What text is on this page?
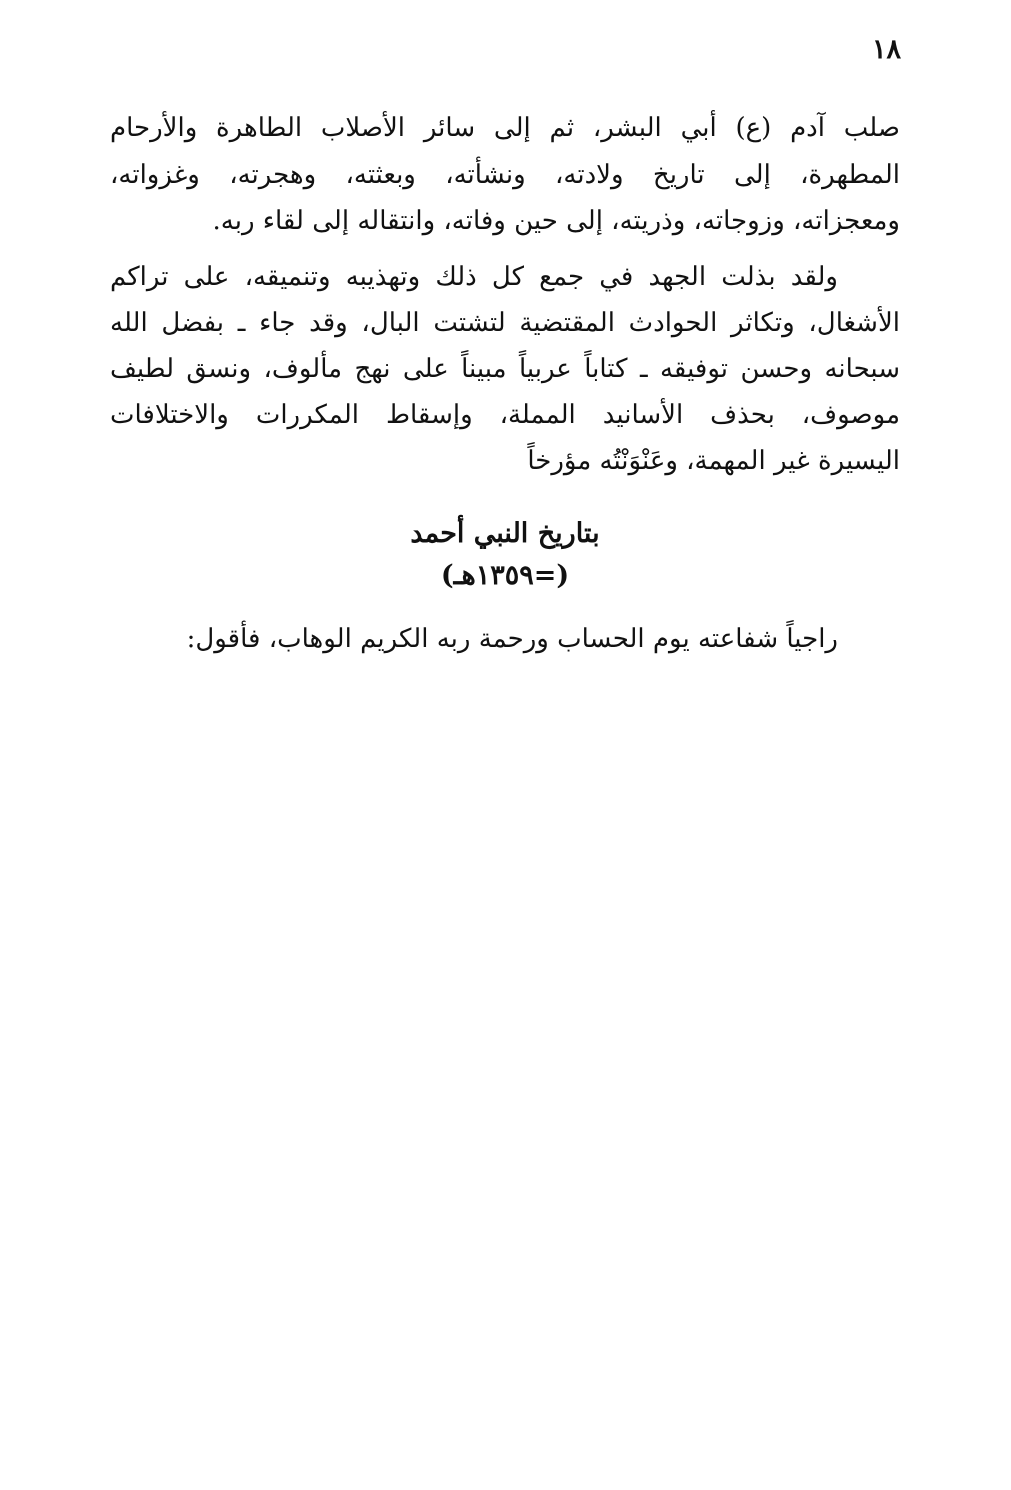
١٨
صلب آدم (ع) أبي البشر، ثم إلى سائر الأصلاب الطاهرة والأرحام
المطهرة، إلى تاريخ ولادته، ونشأته، وبعثته، وهجرته، وغزواته،
ومعجزاته، وزوجاته، وذريته، إلى حين وفاته، وانتقاله إلى لقاء ربه.
ولقد بذلت الجهد في جمع كل ذلك وتهذيبه وتنميقه، على تراكم
الأشغال، وتكاثر الحوادث المقتضية لتشتت البال، وقد جاء ـ بفضل الله
سبحانه وحسن توفيقه ـ كتاباً عربياً مبيناً على نهج مألوف، ونسق لطيف
موصوف، بحذف الأسانيد المملة، وإسقاط المكررات والاختلافات
اليسيرة غير المهمة، وعَنْوَنْتُه مؤرخاً
بتاريخ النبي أحمد
(=١٣٥٩هـ)
راجياً شفاعته يوم الحساب ورحمة ربه الكريم الوهاب، فأقول:
